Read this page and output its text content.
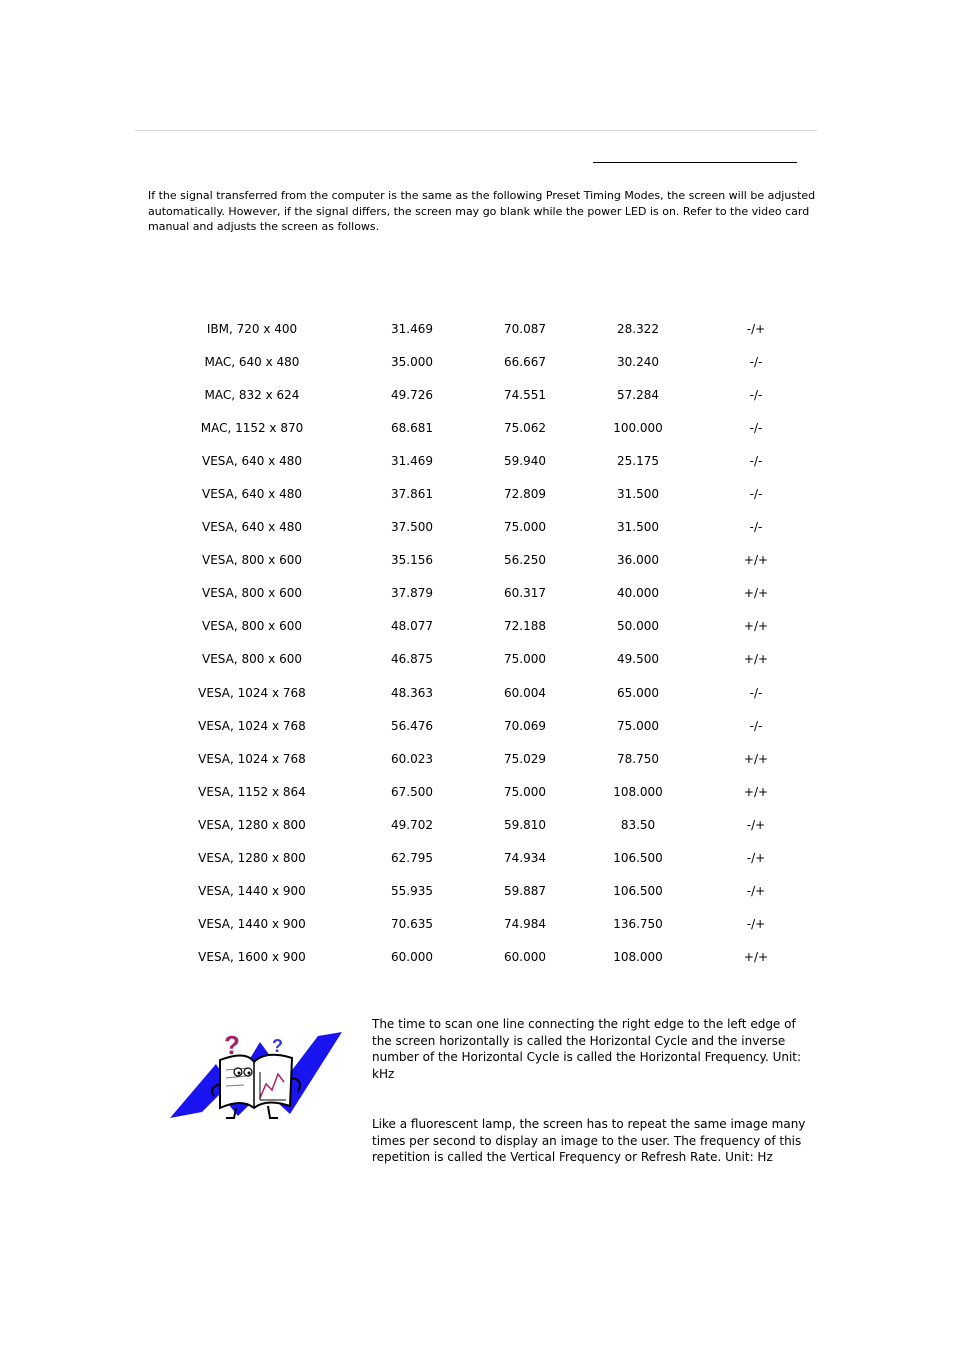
If the signal transferred from the computer is the same as the following Preset Timing Modes, the screen will be adjusted automatically. However, if the signal differs, the screen may go blank while the power LED is on. Refer to the video card manual and adjusts the screen as follows.

IBM, 720 x 400	31.469	70.087	28.322	-/+
MAC, 640 x 480	35.000	66.667	30.240	-/-
MAC, 832 x 624	49.726	74.551	57.284	-/-
MAC, 1152 x 870	68.681	75.062	100.000	-/-
VESA, 640 x 480	31.469	59.940	25.175	-/-
VESA, 640 x 480	37.861	72.809	31.500	-/-
VESA, 640 x 480	37.500	75.000	31.500	-/-
VESA, 800 x 600	35.156	56.250	36.000	+/+
VESA, 800 x 600	37.879	60.317	40.000	+/+
VESA, 800 x 600	48.077	72.188	50.000	+/+
VESA, 800 x 600	46.875	75.000	49.500	+/+
VESA, 1024 x 768	48.363	60.004	65.000	-/-
VESA, 1024 x 768	56.476	70.069	75.000	-/-
VESA, 1024 x 768	60.023	75.029	78.750	+/+
VESA, 1152 x 864	67.500	75.000	108.000	+/+
VESA, 1280 x 800	49.702	59.810	83.50	-/+
VESA, 1280 x 800	62.795	74.934	106.500	-/+
VESA, 1440 x 900	55.935	59.887	106.500	-/+
VESA, 1440 x 900	70.635	74.984	136.750	-/+
VESA, 1600 x 900	60.000	60.000	108.000	+/+
? ?

The time to scan one line connecting the right edge to the left edge of the screen horizontally is called the Horizontal Cycle and the inverse number of the Horizontal Cycle is called the Horizontal Frequency. Unit: kHz

Like a fluorescent lamp, the screen has to repeat the same image many times per second to display an image to the user. The frequency of this repetition is called the Vertical Frequency or Refresh Rate. Unit: Hz
